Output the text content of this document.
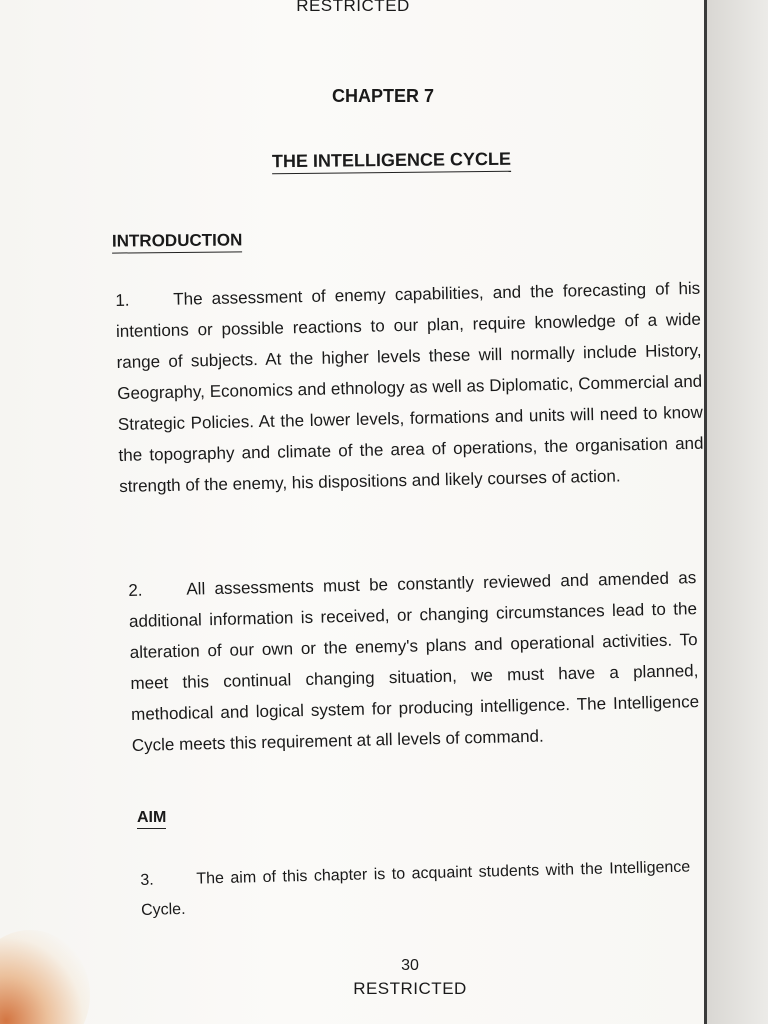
RESTRICTED
CHAPTER 7
THE INTELLIGENCE CYCLE
INTRODUCTION
1.	The assessment of enemy capabilities, and the forecasting of his intentions or possible reactions to our plan, require knowledge of a wide range of subjects. At the higher levels these will normally include History, Geography, Economics and ethnology as well as Diplomatic, Commercial and Strategic Policies. At the lower levels, formations and units will need to know the topography and climate of the area of operations, the organisation and strength of the enemy, his dispositions and likely courses of action.
2.	All assessments must be constantly reviewed and amended as additional information is received, or changing circumstances lead to the alteration of our own or the enemy's plans and operational activities. To meet this continual changing situation, we must have a planned, methodical and logical system for producing intelligence. The Intelligence Cycle meets this requirement at all levels of command.
AIM
3.	The aim of this chapter is to acquaint students with the Intelligence Cycle.
30
RESTRICTED
